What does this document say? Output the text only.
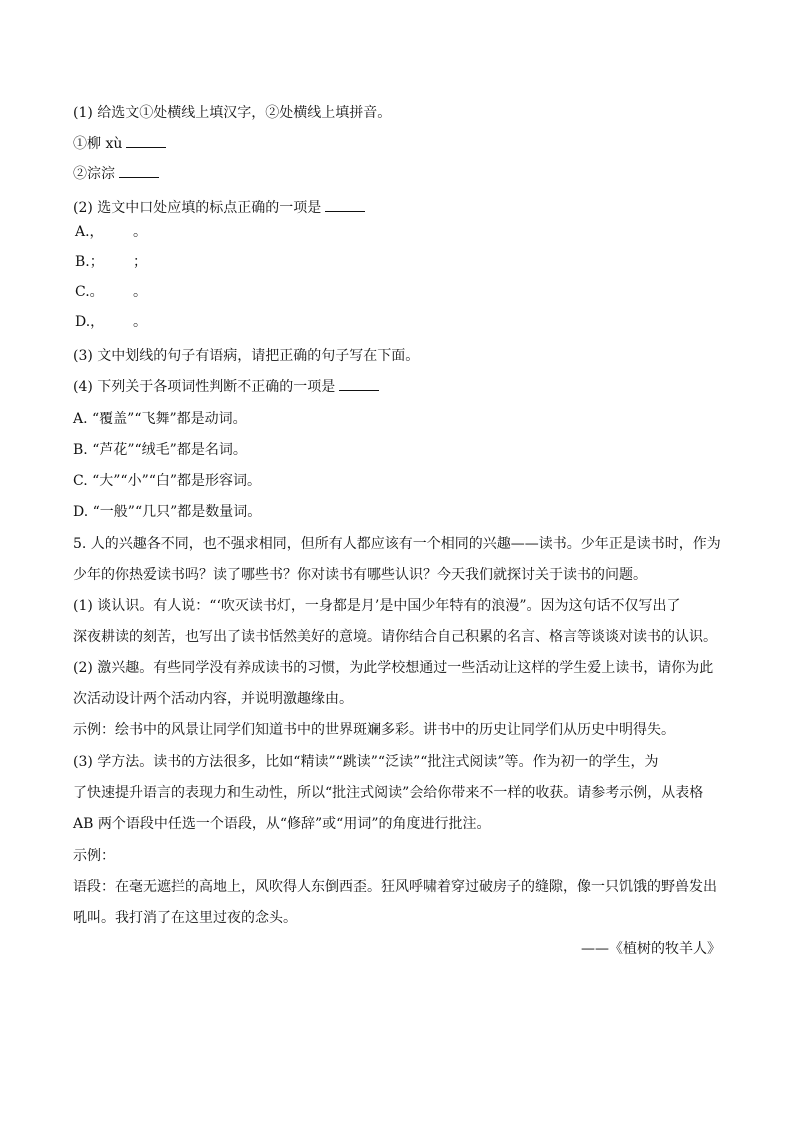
(1) 给选文①处横线上填汉字，②处横线上填拼音。
①柳 xù
②淙淙
(2) 选文中口处应填的标点正确的一项是
A.， 。
B.； ；
C.。 。
D.， 。
(3) 文中划线的句子有语病，请把正确的句子写在下面。
(4) 下列关于各项词性判断不正确的一项是
A. “覆盖”“飞舞”都是动词。
B. “芦花”“绒毛”都是名词。
C. “大”“小”“白”都是形容词。
D. “一般”“几只”都是数量词。
5. 人的兴趣各不同，也不强求相同，但所有人都应该有一个相同的兴趣——读书。少年正是读书时，作为
少年的你热爱读书吗？读了哪些书？你对读书有哪些认识？今天我们就探讨关于读书的问题。
(1) 谈认识。有人说：“‘吹灭读书灯，一身都是月’是中国少年特有的浪漫”。因为这句话不仅写出了
深夜耕读的刻苦，也写出了读书恬然美好的意境。请你结合自己积累的名言、格言等谈谈对读书的认识。
(2) 激兴趣。有些同学没有养成读书的习惯，为此学校想通过一些活动让这样的学生爱上读书，请你为此
次活动设计两个活动内容，并说明激趣缘由。
示例：绘书中的风景让同学们知道书中的世界斑斓多彩。讲书中的历史让同学们从历史中明得失。
(3) 学方法。读书的方法很多，比如“精读”“跳读”“泛读”“批注式阅读”等。作为初一的学生，为
了快速提升语言的表现力和生动性，所以“批注式阅读”会给你带来不一样的收获。请参考示例，从表格
AB 两个语段中任选一个语段，从“修辞”或“用词”的角度进行批注。
示例：
语段：在毫无遮拦的高地上，风吹得人东倒西歪。狂风呼啸着穿过破房子的缝隙，像一只饥饿的野兽发出
吼叫。我打消了在这里过夜的念头。
——《植树的牧羊人》
